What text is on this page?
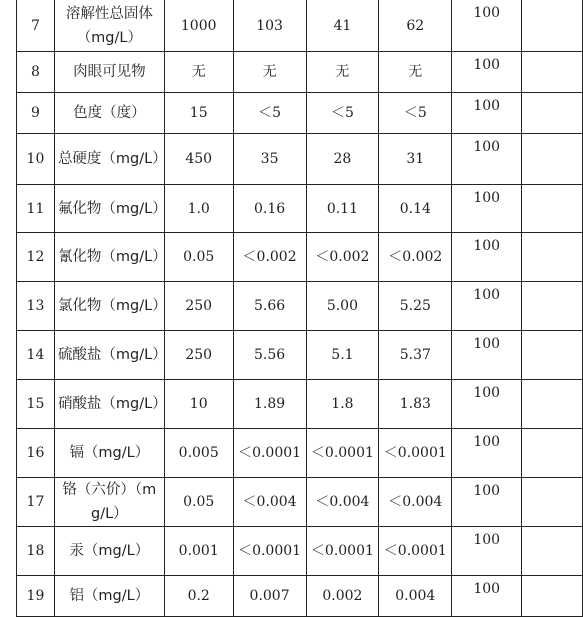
7	溶解性总固体（mg/L）	1000	103	41	62	100	
8	肉眼可见物	无	无	无	无	100	
9	色度（度）	15	＜5	＜5	＜5	100	
10	总硬度（mg/L）	450	35	28	31	100	
11	氟化物（mg/L）	1.0	0.16	0.11	0.14	100	
12	氰化物（mg/L）	0.05	＜0.002	＜0.002	＜0.002	100	
13	氯化物（mg/L）	250	5.66	5.00	5.25	100	
14	硫酸盐（mg/L）	250	5.56	5.1	5.37	100	
15	硝酸盐（mg/L）	10	1.89	1.8	1.83	100	
16	镉（mg/L）	0.005	＜0.0001	＜0.0001	＜0.0001	100	
17	铬（六价）（mg/L）	0.05	＜0.004	＜0.004	＜0.004	100	
18	汞（mg/L）	0.001	＜0.0001	＜0.0001	＜0.0001	100	
19	铝（mg/L）	0.2	0.007	0.002	0.004	100	
